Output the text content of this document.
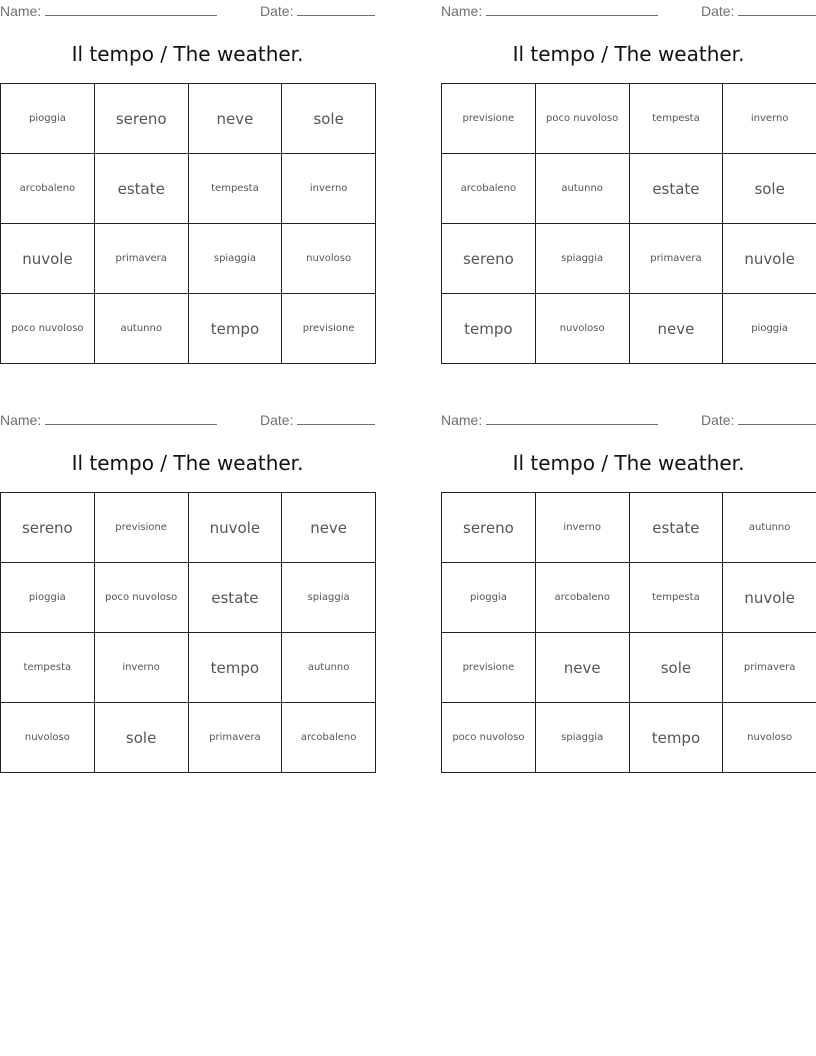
Name:	Date:
Il tempo / The weather.
pioggia	sereno	neve	sole
arcobaleno	estate	tempesta	inverno
nuvole	primavera	spiaggia	nuvoloso
poco nuvoloso	autunno	tempo	previsione
Name:	Date:
Il tempo / The weather.
previsione	poco nuvoloso	tempesta	inverno
arcobaleno	autunno	estate	sole
sereno	spiaggia	primavera	nuvole
tempo	nuvoloso	neve	pioggia
Name:	Date:
Il tempo / The weather.
sereno	previsione	nuvole	neve
pioggia	poco nuvoloso	estate	spiaggia
tempesta	inverno	tempo	autunno
nuvoloso	sole	primavera	arcobaleno
Name:	Date:
Il tempo / The weather.
sereno	inverno	estate	autunno
pioggia	arcobaleno	tempesta	nuvole
previsione	neve	sole	primavera
poco nuvoloso	spiaggia	tempo	nuvoloso
